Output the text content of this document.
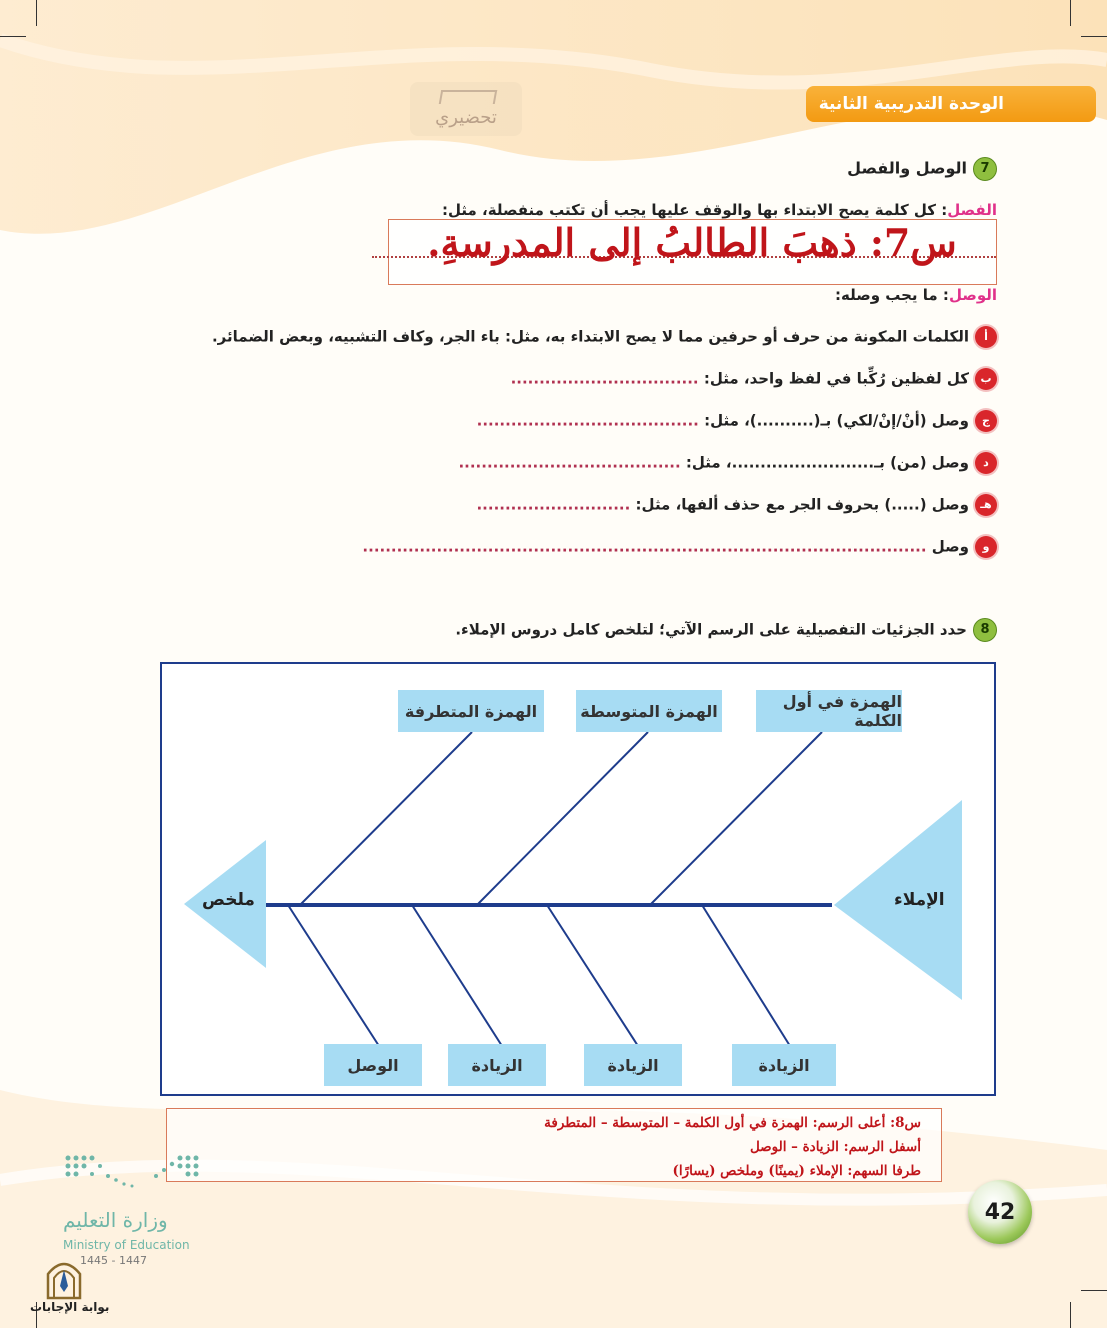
الوحدة التدريبية الثانية
تحضيري
7الوصل والفصل
الفصل: كل كلمة يصح الابتداء بها والوقف عليها يجب أن تكتب منفصلة، مثل:
س7: ذهبَ الطالبُ إلى المدرسةِ.
الوصل: ما يجب وصله:
أالكلمات المكونة من حرف أو حرفين مما لا يصح الابتداء به، مثل: باء الجر، وكاف التشبيه، وبعض الضمائر.
بكل لفظين رُكِّبا في لفظ واحد، مثل: .................................
جوصل (أنْ/إنْ/لكي) بـ(..........)، مثل: .......................................
دوصل (من) بـ.........................، مثل: .......................................
هـوصل (.....) بحروف الجر مع حذف ألفها، مثل: ...........................
ووصل ...................................................................................................
8حدد الجزئيات التفصيلية على الرسم الآتي؛ لتلخص كامل دروس الإملاء.
الإملاء
ملخص
الهمزة في أول الكلمة
الهمزة المتوسطة
الهمزة المتطرفة
الزيادة
الزيادة
الزيادة
الوصل
س8: أعلى الرسم: الهمزة في أول الكلمة – المتوسطة – المتطرفة
أسفل الرسم: الزيادة – الوصل
طرفا السهم: الإملاء (يمينًا) وملخص (يسارًا)
42
وزارة التعليم
Ministry of Education
1445 - 1447
بوابة الإجابات
